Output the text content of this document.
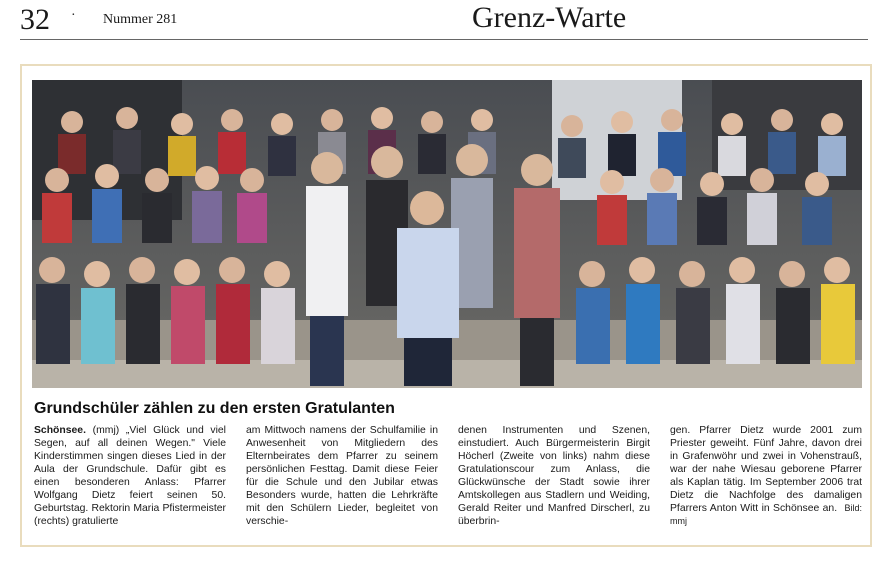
32 · Nummer 281	Grenz-Warte
Grundschüler zählen zu den ersten Gratulanten
Schönsee. (mmj) „Viel Glück und viel Segen, auf all deinen Wegen." Viele Kinderstimmen singen dieses Lied in der Aula der Grundschule. Dafür gibt es einen besonderen Anlass: Pfarrer Wolfgang Dietz feiert seinen 50. Geburtstag. Rektorin Maria Pfistermeister (rechts) gratulierte
am Mittwoch namens der Schulfamilie in Anwesenheit von Mitgliedern des Elternbeirates dem Pfarrer zu seinem persönlichen Festtag. Damit diese Feier für die Schule und den Jubilar etwas Besonders wurde, hatten die Lehrkräfte mit den Schülern Lieder, begleitet von verschie-
denen Instrumenten und Szenen, einstudiert. Auch Bürgermeisterin Birgit Höcherl (Zweite von links) nahm diese Gratulationscour zum Anlass, die Glückwünsche der Stadt sowie ihrer Amtskollegen aus Stadlern und Weiding, Gerald Reiter und Manfred Dirscherl, zu überbrin-
gen. Pfarrer Dietz wurde 2001 zum Priester geweiht. Fünf Jahre, davon drei in Grafenwöhr und zwei in Vohenstrauß, war der nahe Wiesau geborene Pfarrer als Kaplan tätig. Im September 2006 trat Dietz die Nachfolge des damaligen Pfarrers Anton Witt in Schönsee an. Bild: mmj
